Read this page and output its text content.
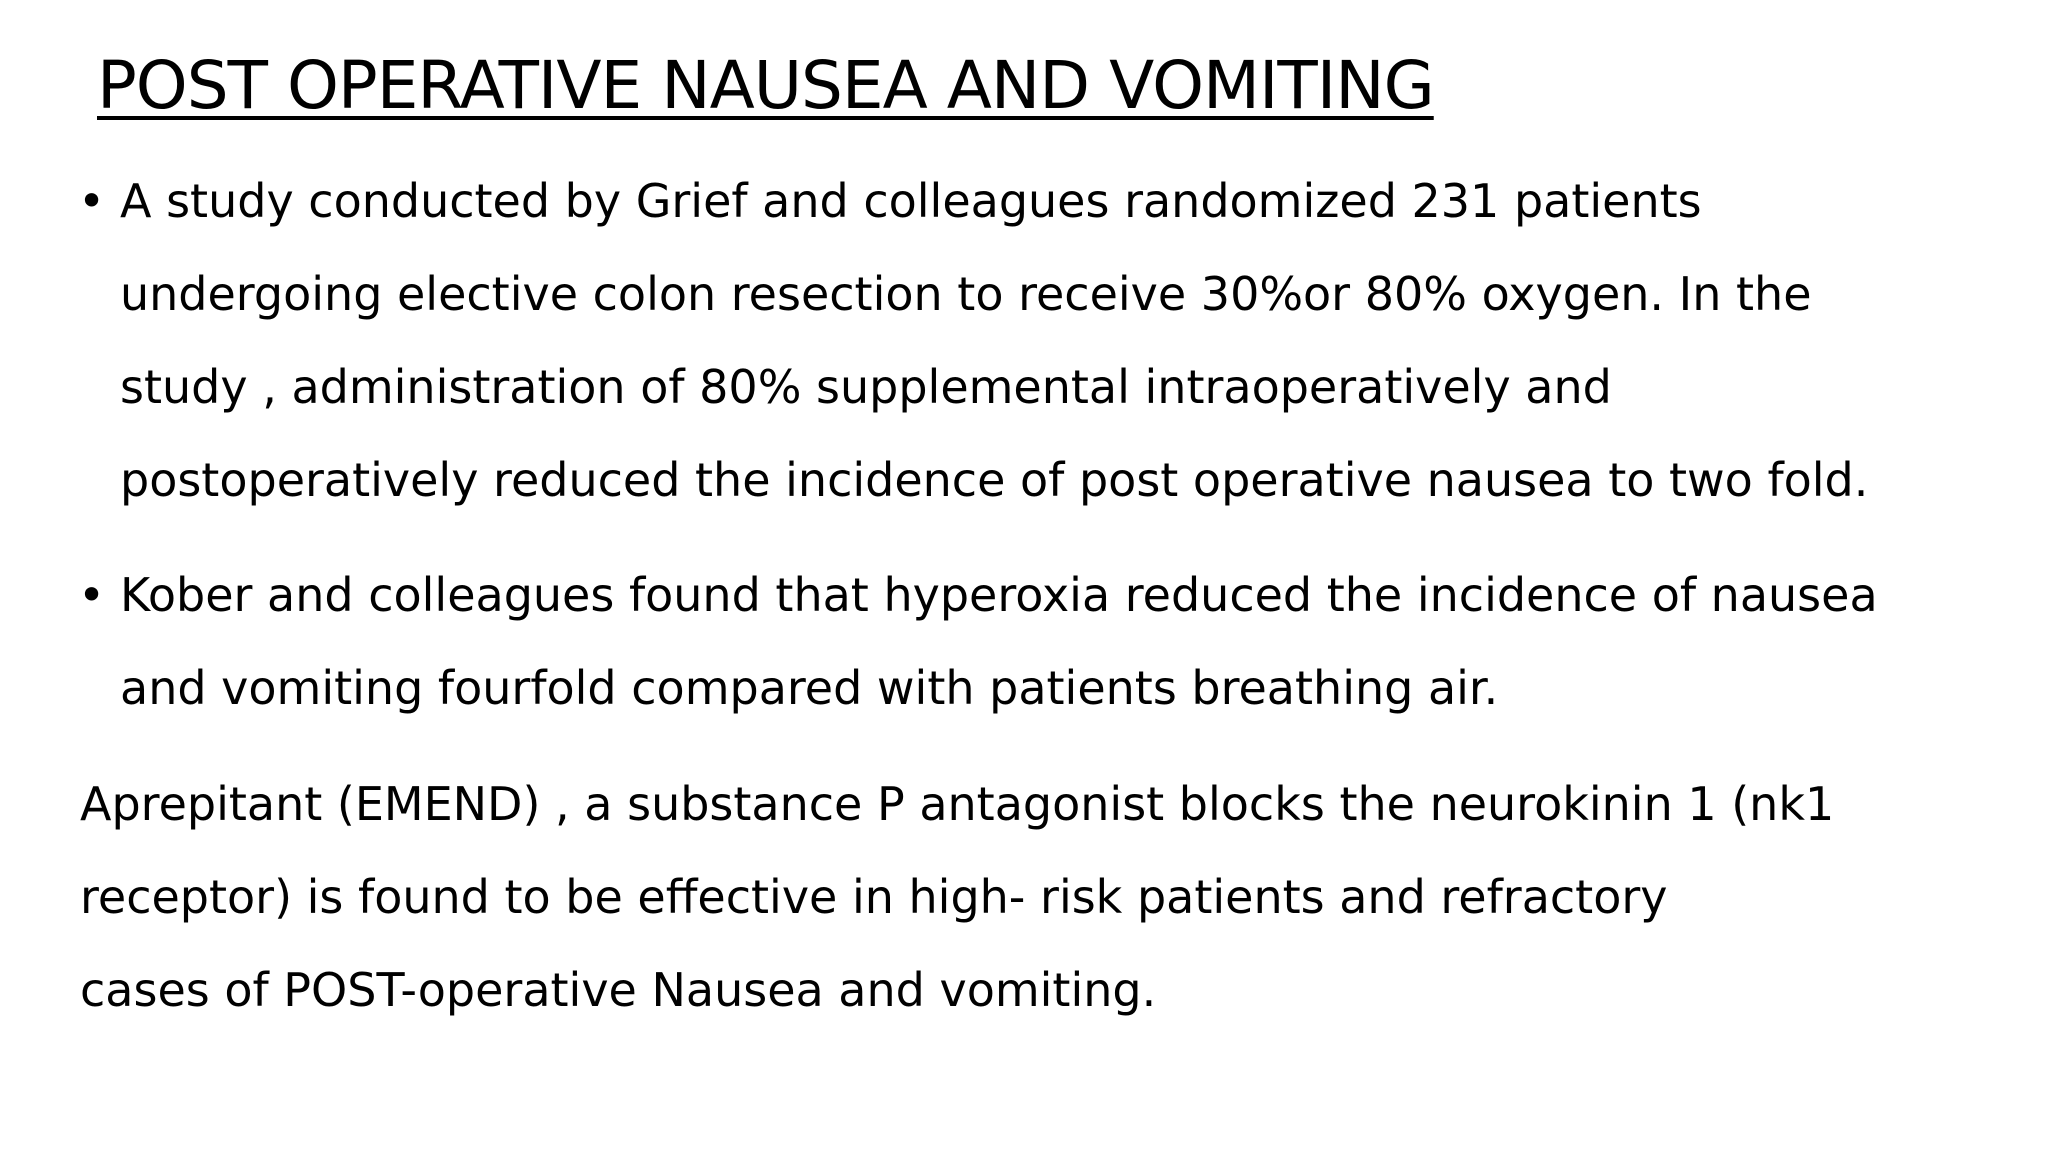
POST OPERATIVE NAUSEA AND VOMITING
• A study conducted by Grief and colleagues randomized 231 patients
undergoing elective colon resection to receive 30%or 80% oxygen. In the
study , administration of 80% supplemental intraoperatively and
postoperatively reduced the incidence of post operative nausea to two fold.
• Kober and colleagues found that hyperoxia reduced the incidence of nausea
and vomiting fourfold compared with patients breathing air.
Aprepitant (EMEND) , a substance P antagonist blocks the neurokinin 1 (nk1
receptor) is found to be effective in high- risk patients and refractory
cases of POST-operative Nausea and vomiting.
